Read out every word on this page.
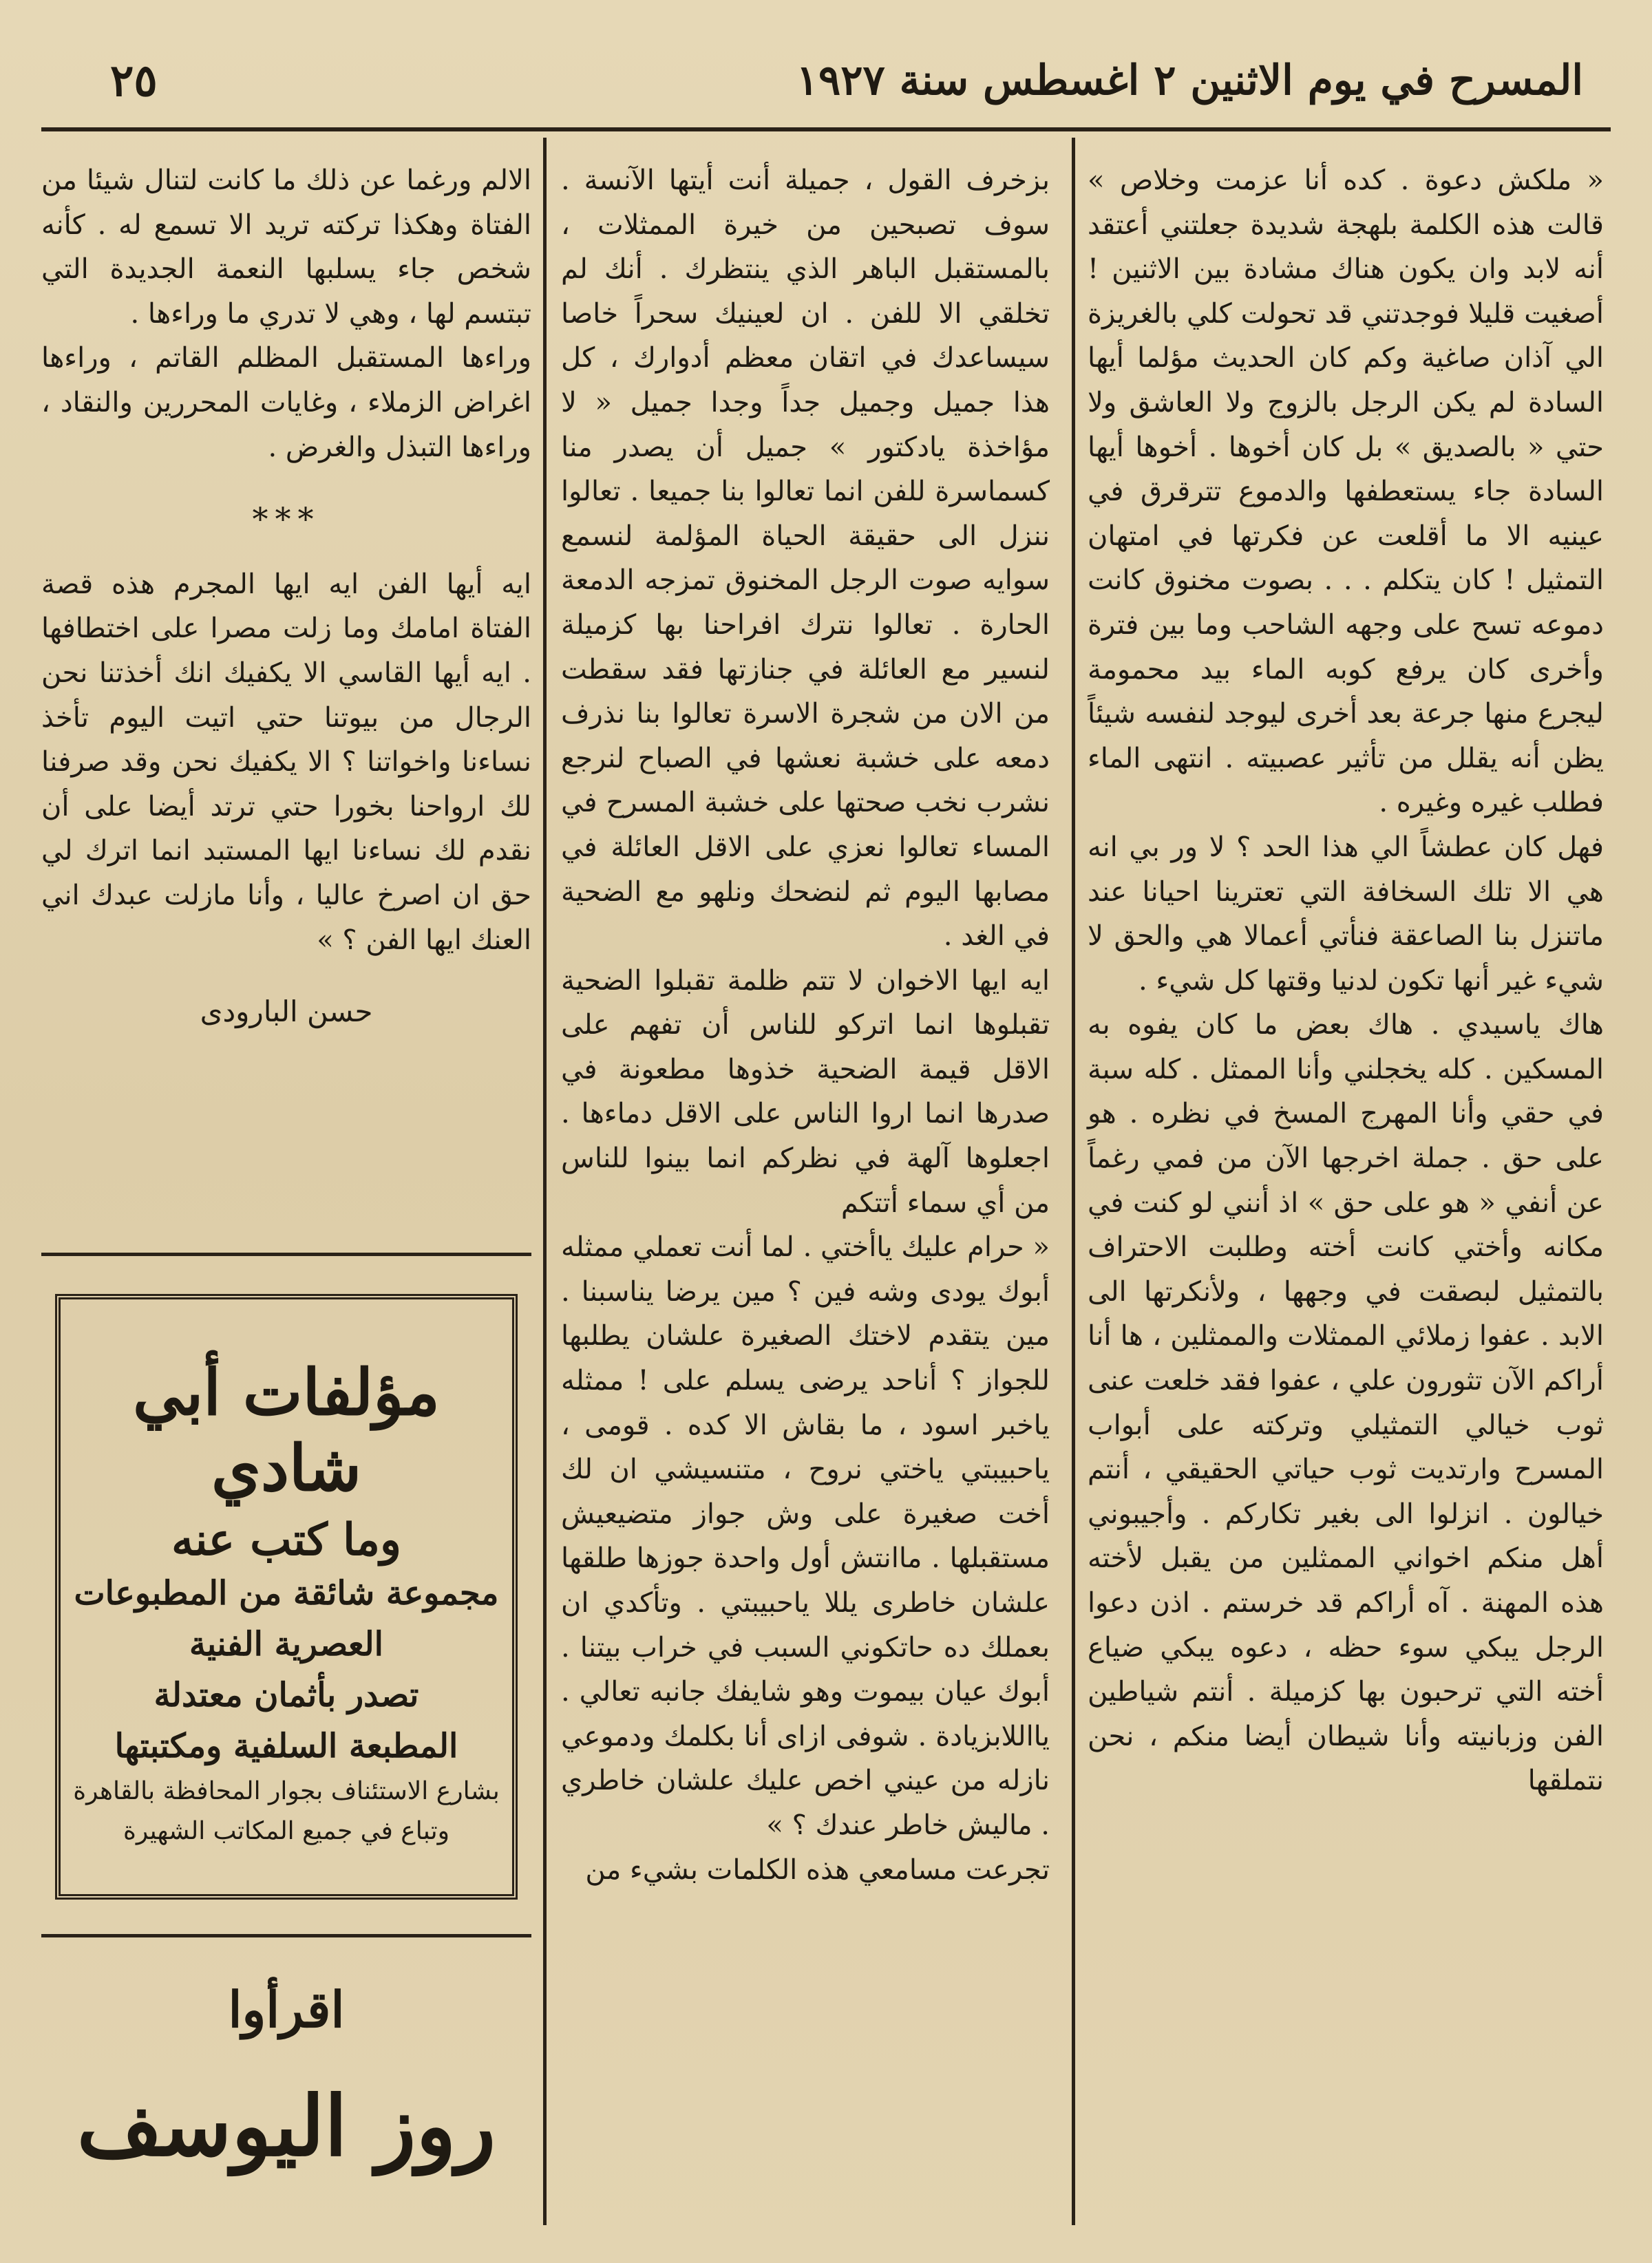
٢٥	المسرح في يوم الاثنين ٢ اغسطس سنة ١٩٢٧

« ملكش دعوة . كده أنا عزمت وخلاص » قالت هذه الكلمة بلهجة شديدة جعلتني أعتقد أنه لابد وان يكون هناك مشادة بين الاثنين ! أصغيت قليلا فوجدتني قد تحولت كلي بالغريزة الي آذان صاغية وكم كان الحديث مؤلما أيها السادة لم يكن الرجل بالزوج ولا العاشق ولا حتي « بالصديق » بل كان أخوها . أخوها أيها السادة جاء يستعطفها والدموع تترقرق في عينيه الا ما أقلعت عن فكرتها في امتهان التمثيل ! كان يتكلم . . . بصوت مخنوق كانت دموعه تسح على وجهه الشاحب وما بين فترة وأخرى كان يرفع كوبه الماء بيد محمومة ليجرع منها جرعة بعد أخرى ليوجد لنفسه شيئاً يظن أنه يقلل من تأثير عصبيته . انتهى الماء فطلب غيره وغيره .

فهل كان عطشاً الي هذا الحد ؟ لا ور بي انه هي الا تلك السخافة التي تعترينا احيانا عند ماتنزل بنا الصاعقة فنأتي أعمالا هي والحق لا شيء غير أنها تكون لدنيا وقتها كل شيء .

هاك ياسيدي . هاك بعض ما كان يفوه به المسكين . كله يخجلني وأنا الممثل . كله سبة في حقي وأنا المهرج المسخ في نظره . هو على حق . جملة اخرجها الآن من فمي رغماً عن أنفي « هو على حق » اذ أنني لو كنت في مكانه وأختي كانت أخته وطلبت الاحتراف بالتمثيل لبصقت في وجهها ، ولأنكرتها الى الابد . عفوا زملائي الممثلات والممثلين ، ها أنا أراكم الآن تثورون علي ، عفوا فقد خلعت عنى ثوب خيالي التمثيلي وتركته على أبواب المسرح وارتديت ثوب حياتي الحقيقي ، أنتم خيالون . انزلوا الى بغير تكاركم . وأجيبوني أهل منكم اخواني الممثلين من يقبل لأخته هذه المهنة . آه أراكم قد خرستم . اذن دعوا الرجل يبكي سوء حظه ، دعوه يبكي ضياع أخته التي ترحبون بها كزميلة . أنتم شياطين الفن وزبانيته وأنا شيطان أيضا منكم ، نحن نتملقها

بزخرف القول ، جميلة أنت أيتها الآنسة . سوف تصبحين من خيرة الممثلات ، بالمستقبل الباهر الذي ينتظرك . أنك لم تخلقي الا للفن . ان لعينيك سحراً خاصا سيساعدك في اتقان معظم أدوارك ، كل هذا جميل وجميل جداً وجدا جميل « لا مؤاخذة يادكتور » جميل أن يصدر منا كسماسرة للفن انما تعالوا بنا جميعا . تعالوا ننزل الى حقيقة الحياة المؤلمة لنسمع سوايه صوت الرجل المخنوق تمزجه الدمعة الحارة . تعالوا نترك افراحنا بها كزميلة لنسير مع العائلة في جنازتها فقد سقطت من الان من شجرة الاسرة تعالوا بنا نذرف دمعه على خشبة نعشها في الصباح لنرجع نشرب نخب صحتها على خشبة المسرح في المساء تعالوا نعزي على الاقل العائلة في مصابها اليوم ثم لنضحك ونلهو مع الضحية في الغد .

ايه ايها الاخوان لا تتم ظلمة تقبلوا الضحية تقبلوها انما اتركو للناس أن تفهم على الاقل قيمة الضحية خذوها مطعونة في صدرها انما اروا الناس على الاقل دماءها . اجعلوها آلهة في نظركم انما بينوا للناس من أي سماء أتتكم

« حرام عليك ياأختي . لما أنت تعملي ممثله أبوك يودى وشه فين ؟ مين يرضا يناسبنا . مين يتقدم لاختك الصغيرة علشان يطلبها للجواز ؟ أناحد يرضى يسلم على ! ممثله ياخبر اسود ، ما بقاش الا كده . قومى ، ياحبيبتي ياختي نروح ، متنسيشي ان لك أخت صغيرة على وش جواز متضيعيش مستقبلها . ماانتش أول واحدة جوزها طلقها علشان خاطرى يللا ياحبيبتي . وتأكدي ان بعملك ده حاتكوني السبب في خراب بيتنا . أبوك عيان بيموت وهو شايفك جانبه تعالي . يااللابزيادة . شوفى ازاى أنا بكلمك ودموعي نازله من عيني اخص عليك علشان خاطري . ماليش خاطر عندك ؟ »

تجرعت مسامعي هذه الكلمات بشيء من

الالم ورغما عن ذلك ما كانت لتنال شيئا من الفتاة وهكذا تركته تريد الا تسمع له . كأنه شخص جاء يسلبها النعمة الجديدة التي تبتسم لها ، وهي لا تدري ما وراءها .

وراءها المستقبل المظلم القاتم ، وراءها اغراض الزملاء ، وغايات المحررين والنقاد ، وراءها التبذل والغرض .

***

ايه أيها الفن ايه ايها المجرم هذه قصة الفتاة امامك وما زلت مصرا على اختطافها . ايه أيها القاسي الا يكفيك انك أخذتنا نحن الرجال من بيوتنا حتي اتيت اليوم تأخذ نساءنا واخواتنا ؟ الا يكفيك نحن وقد صرفنا لك ارواحنا بخورا حتي ترتد أيضا على أن نقدم لك نساءنا ايها المستبد انما اترك لي حق ان اصرخ عاليا ، وأنا مازلت عبدك اني العنك ايها الفن ؟ »

حسن البارودى
مؤلفات أبي شادي
وما كتب عنه
مجموعة شائقة من المطبوعات العصرية الفنية
تصدر بأثمان معتدلة
المطبعة السلفية ومكتبتها
بشارع الاستئناف بجوار المحافظة بالقاهرة
وتباع في جميع المكاتب الشهيرة
اقرأوا
روز اليوسف
